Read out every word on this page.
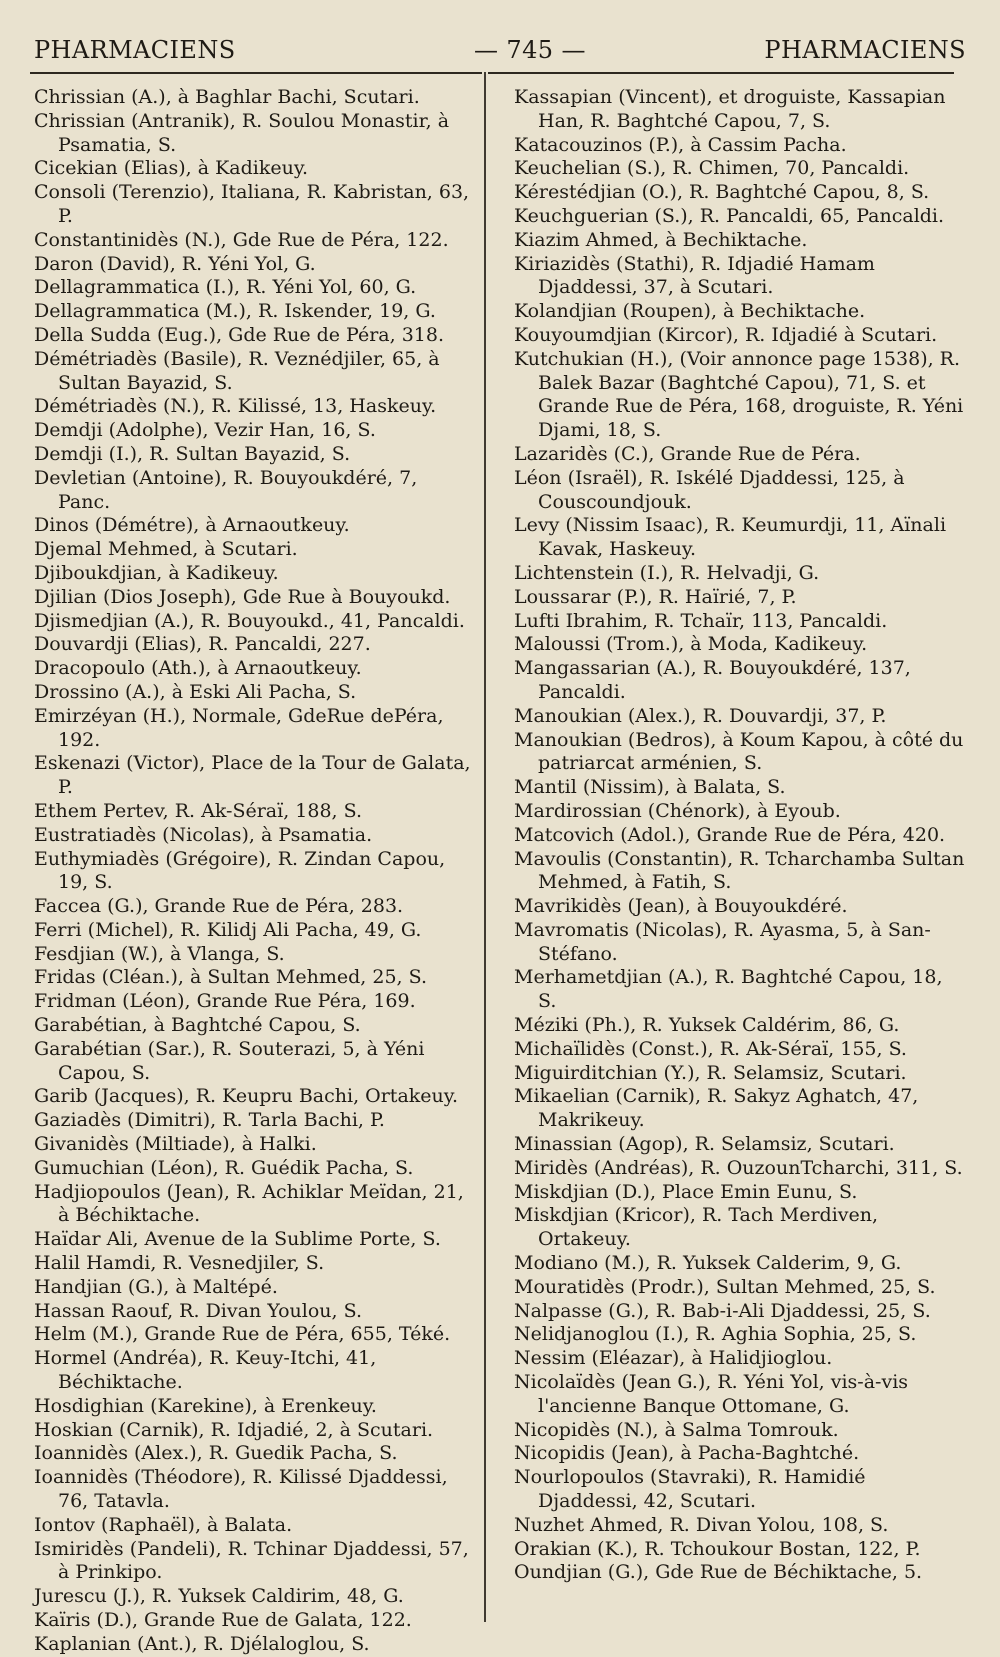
PHARMACIENS	— 745 —	PHARMACIENS

Chrissian (A.), à Baghlar Bachi, Scutari.

Chrissian (Antranik), R. Soulou Monastir, à Psamatia, S.

Cicekian (Elias), à Kadikeuy.

Consoli (Terenzio), Italiana, R. Kabristan, 63, P.

Constantinidès (N.), Gde Rue de Péra, 122.

Daron (David), R. Yéni Yol, G.

Dellagrammatica (I.), R. Yéni Yol, 60, G.

Dellagrammatica (M.), R. Iskender, 19, G.

Della Sudda (Eug.), Gde Rue de Péra, 318.

Démétriadès (Basile), R. Veznédjiler, 65, à Sultan Bayazid, S.

Démétriadès (N.), R. Kilissé, 13, Haskeuy.

Demdji (Adolphe), Vezir Han, 16, S.

Demdji (I.), R. Sultan Bayazid, S.

Devletian (Antoine), R. Bouyoukdéré, 7, Panc.

Dinos (Démétre), à Arnaoutkeuy.

Djemal Mehmed, à Scutari.

Djiboukdjian, à Kadikeuy.

Djilian (Dios Joseph), Gde Rue à Bouyoukd.

Djismedjian (A.), R. Bouyoukd., 41, Pancaldi.

Douvardji (Elias), R. Pancaldi, 227.

Dracopoulo (Ath.), à Arnaoutkeuy.

Drossino (A.), à Eski Ali Pacha, S.

Emirzéyan (H.), Normale, GdeRue dePéra, 192.

Eskenazi (Victor), Place de la Tour de Galata, P.

Ethem Pertev, R. Ak-Séraï, 188, S.

Eustratiadès (Nicolas), à Psamatia.

Euthymiadès (Grégoire), R. Zindan Capou, 19, S.

Faccea (G.), Grande Rue de Péra, 283.

Ferri (Michel), R. Kilidj Ali Pacha, 49, G.

Fesdjian (W.), à Vlanga, S.

Fridas (Cléan.), à Sultan Mehmed, 25, S.

Fridman (Léon), Grande Rue Péra, 169.

Garabétian, à Baghtché Capou, S.

Garabétian (Sar.), R. Souterazi, 5, à Yéni Capou, S.

Garib (Jacques), R. Keupru Bachi, Ortakeuy.

Gaziadès (Dimitri), R. Tarla Bachi, P.

Givanidès (Miltiade), à Halki.

Gumuchian (Léon), R. Guédik Pacha, S.

Hadjiopoulos (Jean), R. Achiklar Meïdan, 21, à Béchiktache.

Haïdar Ali, Avenue de la Sublime Porte, S.

Halil Hamdi, R. Vesnedjiler, S.

Handjian (G.), à Maltépé.

Hassan Raouf, R. Divan Youlou, S.

Helm (M.), Grande Rue de Péra, 655, Téké.

Hormel (Andréa), R. Keuy-Itchi, 41, Béchiktache.

Hosdighian (Karekine), à Erenkeuy.

Hoskian (Carnik), R. Idjadié, 2, à Scutari.

Ioannidès (Alex.), R. Guedik Pacha, S.

Ioannidès (Théodore), R. Kilissé Djaddessi, 76, Tatavla.

Iontov (Raphaël), à Balata.

Ismiridès (Pandeli), R. Tchinar Djaddessi, 57, à Prinkipo.

Jurescu (J.), R. Yuksek Caldirim, 48, G.

Kaïris (D.), Grande Rue de Galata, 122.

Kaplanian (Ant.), R. Djélaloglou, S.

Kassapian (Vincent), et droguiste, Kassapian Han, R. Baghtché Capou, 7, S.

Katacouzinos (P.), à Cassim Pacha.

Keuchelian (S.), R. Chimen, 70, Pancaldi.

Kérestédjian (O.), R. Baghtché Capou, 8, S.

Keuchguerian (S.), R. Pancaldi, 65, Pancaldi.

Kiazim Ahmed, à Bechiktache.

Kiriazidès (Stathi), R. Idjadié Hamam Djaddessi, 37, à Scutari.

Kolandjian (Roupen), à Bechiktache.

Kouyoumdjian (Kircor), R. Idjadié à Scutari.

Kutchukian (H.), (Voir annonce page 1538), R. Balek Bazar (Baghtché Capou), 71, S. et Grande Rue de Péra, 168, droguiste, R. Yéni Djami, 18, S.

Lazaridès (C.), Grande Rue de Péra.

Léon (Israël), R. Iskélé Djaddessi, 125, à Couscoundjouk.

Levy (Nissim Isaac), R. Keumurdji, 11, Aïnali Kavak, Haskeuy.

Lichtenstein (I.), R. Helvadji, G.

Loussarar (P.), R. Haïrié, 7, P.

Lufti Ibrahim, R. Tchaïr, 113, Pancaldi.

Maloussi (Trom.), à Moda, Kadikeuy.

Mangassarian (A.), R. Bouyoukdéré, 137, Pancaldi.

Manoukian (Alex.), R. Douvardji, 37, P.

Manoukian (Bedros), à Koum Kapou, à côté du patriarcat arménien, S.

Mantil (Nissim), à Balata, S.

Mardirossian (Chénork), à Eyoub.

Matcovich (Adol.), Grande Rue de Péra, 420.

Mavoulis (Constantin), R. Tcharchamba Sultan Mehmed, à Fatih, S.

Mavrikidès (Jean), à Bouyoukdéré.

Mavromatis (Nicolas), R. Ayasma, 5, à San-Stéfano.

Merhametdjian (A.), R. Baghtché Capou, 18, S.

Méziki (Ph.), R. Yuksek Caldérim, 86, G.

Michaïlidès (Const.), R. Ak-Séraï, 155, S.

Miguirditchian (Y.), R. Selamsiz, Scutari.

Mikaelian (Carnik), R. Sakyz Aghatch, 47, Makrikeuy.

Minassian (Agop), R. Selamsiz, Scutari.

Miridès (Andréas), R. OuzounTcharchi, 311, S.

Miskdjian (D.), Place Emin Eunu, S.

Miskdjian (Kricor), R. Tach Merdiven, Ortakeuy.

Modiano (M.), R. Yuksek Calderim, 9, G.

Mouratidès (Prodr.), Sultan Mehmed, 25, S.

Nalpasse (G.), R. Bab-i-Ali Djaddessi, 25, S.

Nelidjanoglou (I.), R. Aghia Sophia, 25, S.

Nessim (Eléazar), à Halidjioglou.

Nicolaïdès (Jean G.), R. Yéni Yol, vis-à-vis l'ancienne Banque Ottomane, G.

Nicopidès (N.), à Salma Tomrouk.

Nicopidis (Jean), à Pacha-Baghtché.

Nourlopoulos (Stavraki), R. Hamidié Djaddessi, 42, Scutari.

Nuzhet Ahmed, R. Divan Yolou, 108, S.

Orakian (K.), R. Tchoukour Bostan, 122, P.

Oundjian (G.), Gde Rue de Béchiktache, 5.
